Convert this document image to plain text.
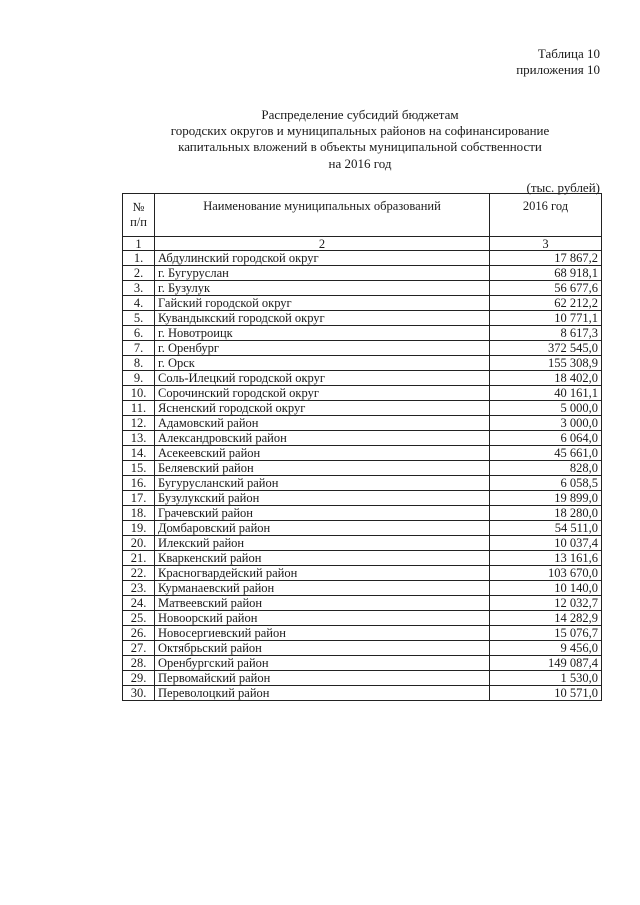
Таблица 10
приложения 10
Распределение субсидий бюджетам
городских округов и муниципальных районов на софинансирование
капитальных вложений в объекты муниципальной собственности
на 2016 год
(тыс. рублей)
№ п/п	Наименование муниципальных образований	2016 год
1	2	3
1.	Абдулинский городской округ	17 867,2
2.	г. Бугуруслан	68 918,1
3.	г. Бузулук	56 677,6
4.	Гайский городской округ	62 212,2
5.	Кувандыкский городской округ	10 771,1
6.	г. Новотроицк	8 617,3
7.	г. Оренбург	372 545,0
8.	г. Орск	155 308,9
9.	Соль-Илецкий городской округ	18 402,0
10.	Сорочинский городской округ	40 161,1
11.	Ясненский городской округ	5 000,0
12.	Адамовский район	3 000,0
13.	Александровский район	6 064,0
14.	Асекеевский район	45 661,0
15.	Беляевский район	828,0
16.	Бугурусланский район	6 058,5
17.	Бузулукский район	19 899,0
18.	Грачевский район	18 280,0
19.	Домбаровский район	54 511,0
20.	Илекский район	10 037,4
21.	Кваркенский район	13 161,6
22.	Красногвардейский район	103 670,0
23.	Курманаевский район	10 140,0
24.	Матвеевский район	12 032,7
25.	Новоорский район	14 282,9
26.	Новосергиевский район	15 076,7
27.	Октябрьский район	9 456,0
28.	Оренбургский район	149 087,4
29.	Первомайский район	1 530,0
30.	Переволоцкий район	10 571,0
